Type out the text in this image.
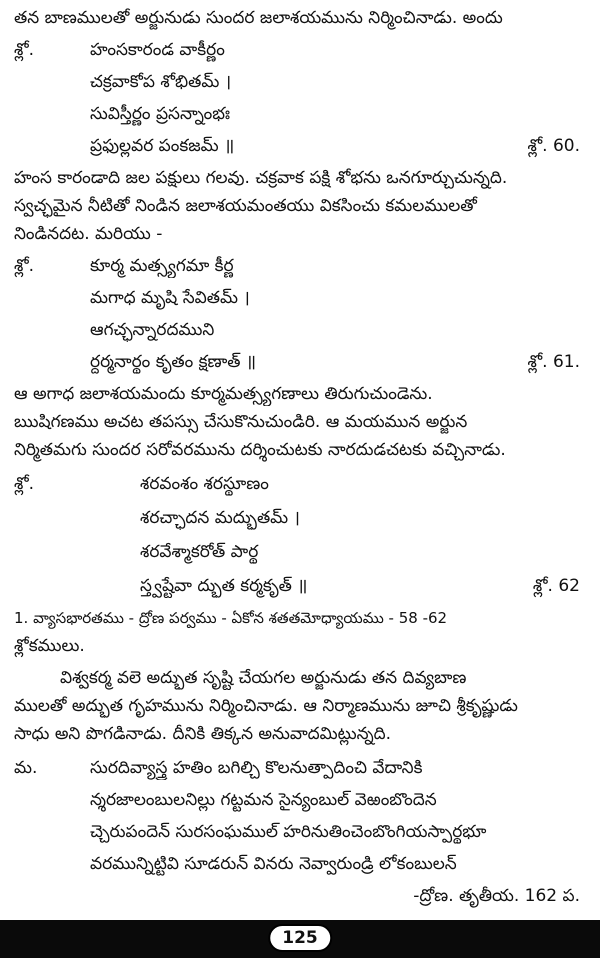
తన బాణములతో అర్జునుడు సుందర జలాశయమును నిర్మించినాడు. అందు
శ్లో.	హంసకారండ వాకీర్ణం
చక్రవాకోప శోభితమ్ ।
సువిస్తీర్ణం ప్రసన్నాంభః
ప్రఫుల్లవర పంకజమ్ ॥	శ్లో. 60.
హంస కారండాది జల పక్షులు గలవు. చక్రవాక పక్షి శోభను ఒనగూర్చుచున్నది.
స్వచ్ఛమైన నీటితో నిండిన జలాశయమంతయు వికసించు కమలములతో
నిండినదట. మరియు -
శ్లో.	కూర్మ మత్స్యగమా కీర్ణ
మగాధ మృషి సేవితమ్ ।
ఆగచ్ఛన్నారదముని
ర్దర్మనార్థం కృతం క్షణాత్ ॥	శ్లో. 61.
ఆ అగాధ జలాశయమందు కూర్మమత్స్యగణాలు తిరుగుచుండెను.
ఋషిగణము అచట తపస్సు చేసుకొనుచుండిరి. ఆ మయమున అర్జున
నిర్మితమగు సుందర సరోవరమును దర్శించుటకు నారదుడచటకు వచ్చినాడు.
శ్లో.	శరవంశం శరస్థూణం
శరచ్ఛాదన మద్భుతమ్ ।
శరవేశ్మాకరోత్ పార్థ
స్త్వష్టేవా ద్భుత కర్మకృత్ ॥	శ్లో. 62
1. వ్యాసభారతము - ద్రోణ పర్వము - ఏకోన శతతమోధ్యాయము - 58 -62
శ్లోకములు.
విశ్వకర్మ వలె అద్భుత సృష్టి చేయగల అర్జునుడు తన దివ్యబాణ
ములతో అద్భుత గృహమును నిర్మించినాడు. ఆ నిర్మాణమును జూచి శ్రీకృష్ణుడు
సాధు అని పొగడినాడు. దీనికి తిక్కన అనువాదమిట్లున్నది.
మ.	సురదివ్యాస్త్ర హతిం బగిల్చి కొలనుత్పాదించి వేదానికి
న్శరజాలంబులనిల్లు గట్టమన సైన్యంబుల్ వెఱంబొందెన
చ్చెరుపందెన్ సురసంఘముల్ హరినుతించెంబొంగియస్పార్థభూ
వరమున్నిట్టివి సూడరున్ వినరు నెవ్వారుండ్రి లోకంబులన్
-ద్రోణ. తృతీయ. 162 ప.
125
